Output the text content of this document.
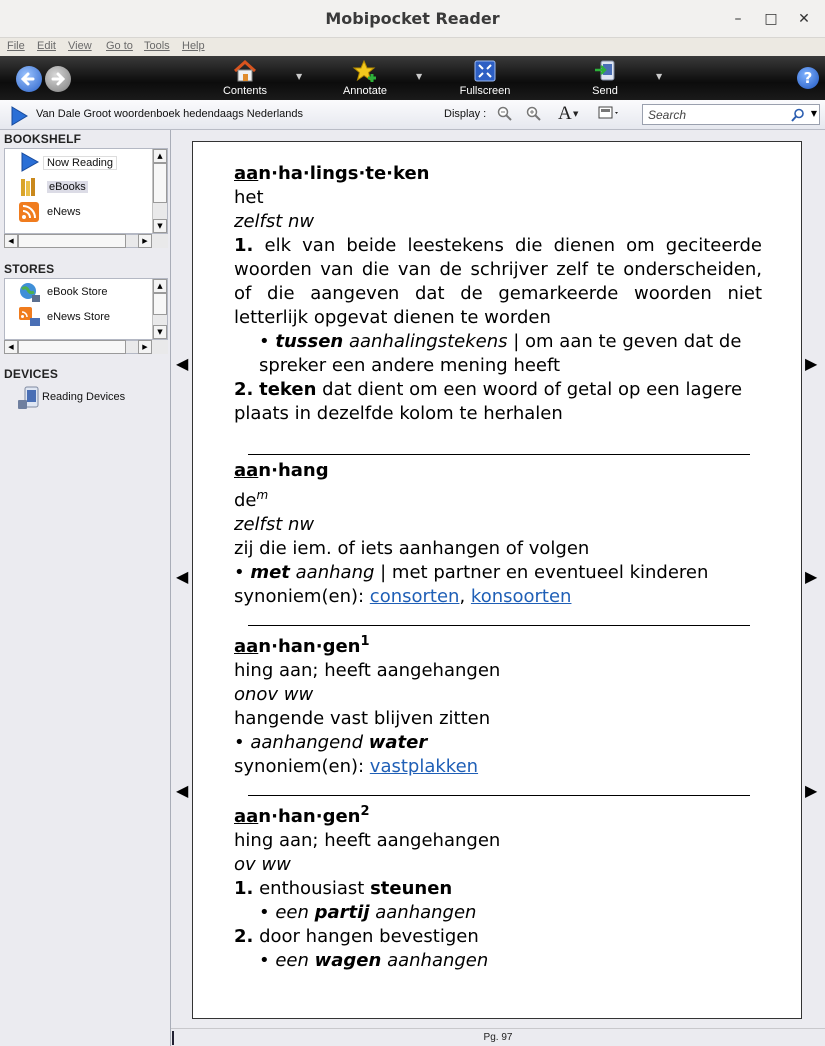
Mobipocket Reader	–	□ ✕
File Edit View Go to Tools Help
Contents
▼
Annotate
▼
Fullscreen	Send
▼	?
Van Dale Groot woordenboek hedendaags Nederlands	Display :	A ▼	Search	▼
BOOKSHELF
Now Reading
eBooks
eNews
▲
▼
◀	▶
STORES
eBook Store
eNews Store
▲
▼
◀	▶
DEVICES
Reading Devices
◀
◀
◀
▶
▶
▶
aan·ha·lings·te·ken
het
zelfst nw
1. elk van beide leestekens die dienen om geciteerde woorden van die van de schrijver zelf te onderscheiden, of die aangeven dat de gemarkeerde woorden niet letterlijk opgevat dienen te worden
• tussen aanhalingstekens | om aan te geven dat de spreker een andere mening heeft
2. teken dat dient om een woord of getal op een lagere plaats in dezelfde kolom te herhalen
aan·hang
$de^m$
zelfst nw
zij die iem. of iets aanhangen of volgen
• met aanhang | met partner en eventueel kinderen
synoniem(en): consorten, konsoorten
aan·han·gen$^1$
hing aan; heeft aangehangen
onov ww
hangende vast blijven zitten
• aanhangend water
synoniem(en): vastplakken
aan·han·gen$^2$
hing aan; heeft aangehangen
ov ww
1. enthousiast steunen
• een partij aanhangen
2. door hangen bevestigen
• een wagen aanhangen
Pg. 97
